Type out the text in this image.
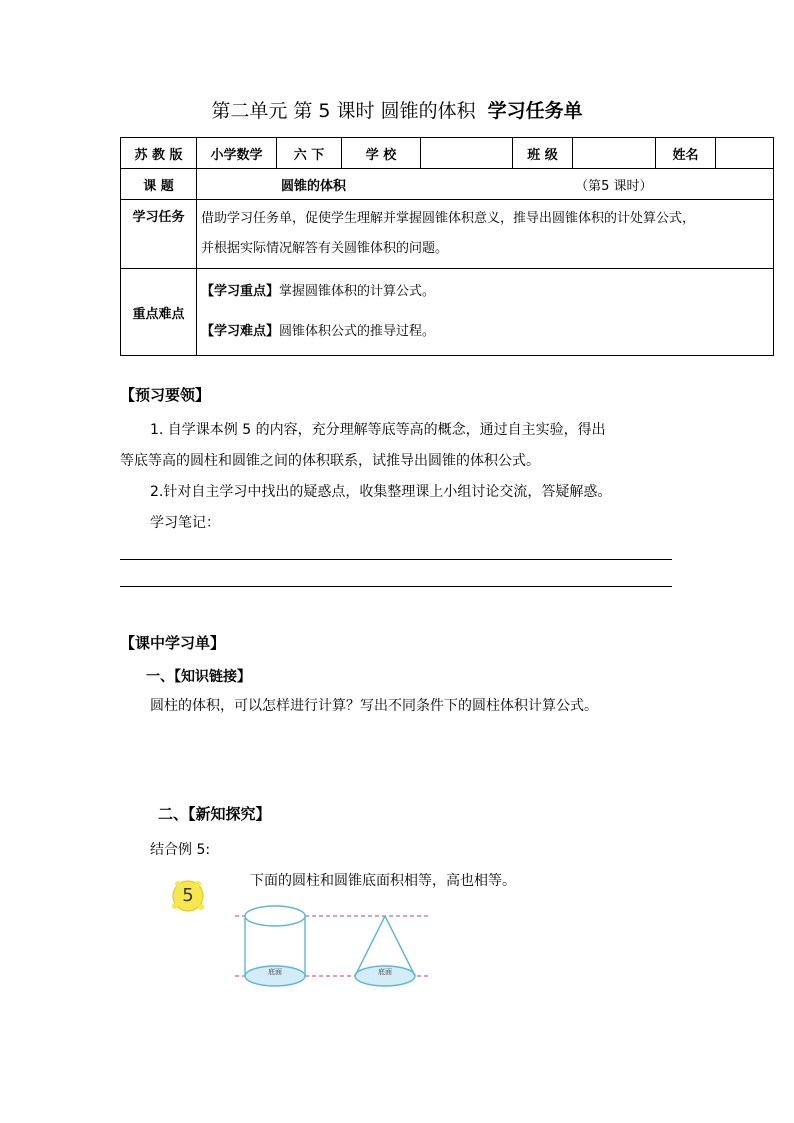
第二单元 第 5 课时 圆锥的体积 学习任务单
苏 教 版	小学数学	六 下	学 校		班 级		姓名	
课 题	圆锥的体积 （第5 课时）							
学习任务	借助学习任务单，促使学生理解并掌握圆锥体积意义，推导出圆锥体积的计处算公式，
并根据实际情况解答有关圆锥体积的问题。							

重点难点	【学习重点】掌握圆锥体积的计算公式。
【学习难点】圆锥体积公式的推导过程。							
【预习要领】
1. 自学课本例 5 的内容，充分理解等底等高的概念，通过自主实验，得出
等底等高的圆柱和圆锥之间的体积联系，试推导出圆锥的体积公式。
2.针对自主学习中找出的疑惑点，收集整理课上小组讨论交流，答疑解惑。
学习笔记：
【课中学习单】
一、【知识链接】
圆柱的体积，可以怎样进行计算？写出不同条件下的圆柱体积计算公式。
二、【新知探究】
结合例 5:
5
下面的圆柱和圆锥底面积相等，高也相等。
底面	底面
